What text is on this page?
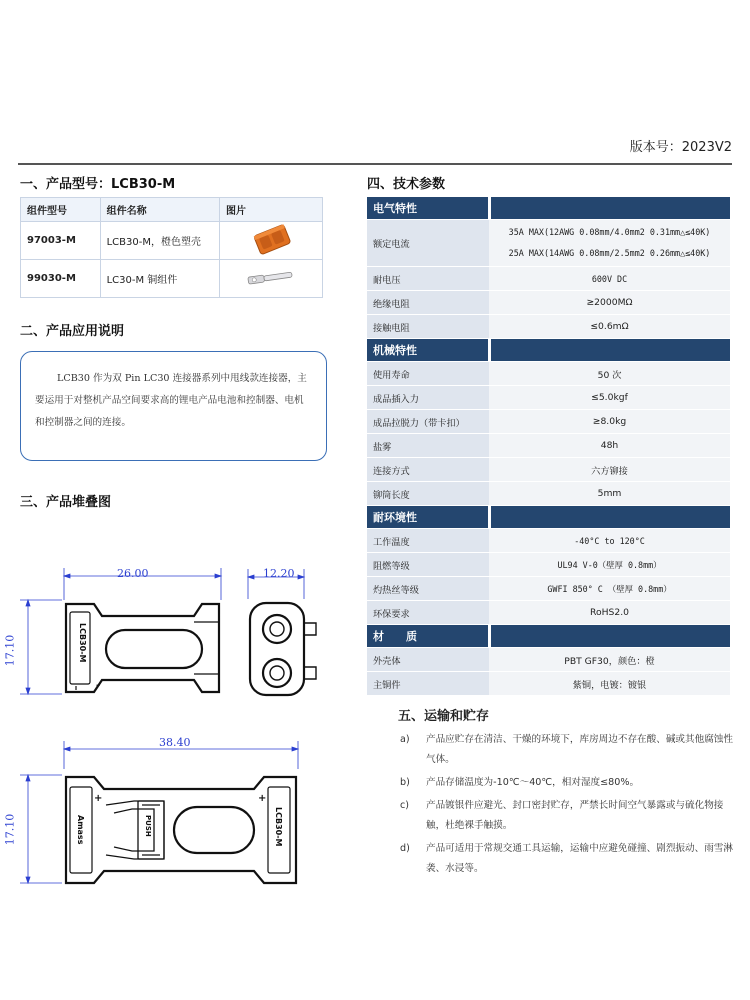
版本号：2023V2
一、产品型号：LCB30-M
组件型号	组件名称	图片
97003-M	LCB30-M，橙色塑壳	
99030-M	LC30-M 铜组件	
二、产品应用说明
LCB30 作为双 Pin LC30 连接器系列中甩线款连接器，主要运用于对整机产品空间要求高的锂电产品电池和控制器、电机和控制器之间的连接。
三、产品堆叠图
LCB30-M
-
26.00
17.10
12.20
Amass	PUSH	LCB30-M
+	+
38.40
17.10
四、技术参数
电气特性	
额定电流	35A MAX(12AWG 0.08mm/4.0mm2 0.31mm△≤40K)
25A MAX(14AWG 0.08mm/2.5mm2 0.26mm△≤40K)

耐电压	600V DC
绝缘电阻	≥2000MΩ
接触电阻	≤0.6mΩ
机械特性	
使用寿命	50 次
成品插入力	≤5.0kgf
成品拉脱力（带卡扣）	≥8.0kg
盐雾	48h
连接方式	六方铆接
铆筒长度	5mm
耐环境性	
工作温度	-40°C to 120°C
阻燃等级	UL94 V-0（壁厚 0.8mm）
灼热丝等级	GWFI 850° C （壁厚 0.8mm）
环保要求	RoHS2.0
材　　质	
外壳体	PBT GF30，颜色：橙
主铜件	紫铜，电镀：镀银
五、运输和贮存
a) 产品应贮存在清洁、干燥的环境下，库房周边不存在酸、碱或其他腐蚀性气体。
b) 产品存储温度为-10℃～40℃，相对湿度≤80%。
c) 产品镀银件应避光、封口密封贮存，严禁长时间空气暴露或与硫化物接触，杜绝裸手触摸。
d) 产品可适用于常规交通工具运输，运输中应避免碰撞、剧烈振动、雨雪淋袭、水浸等。
